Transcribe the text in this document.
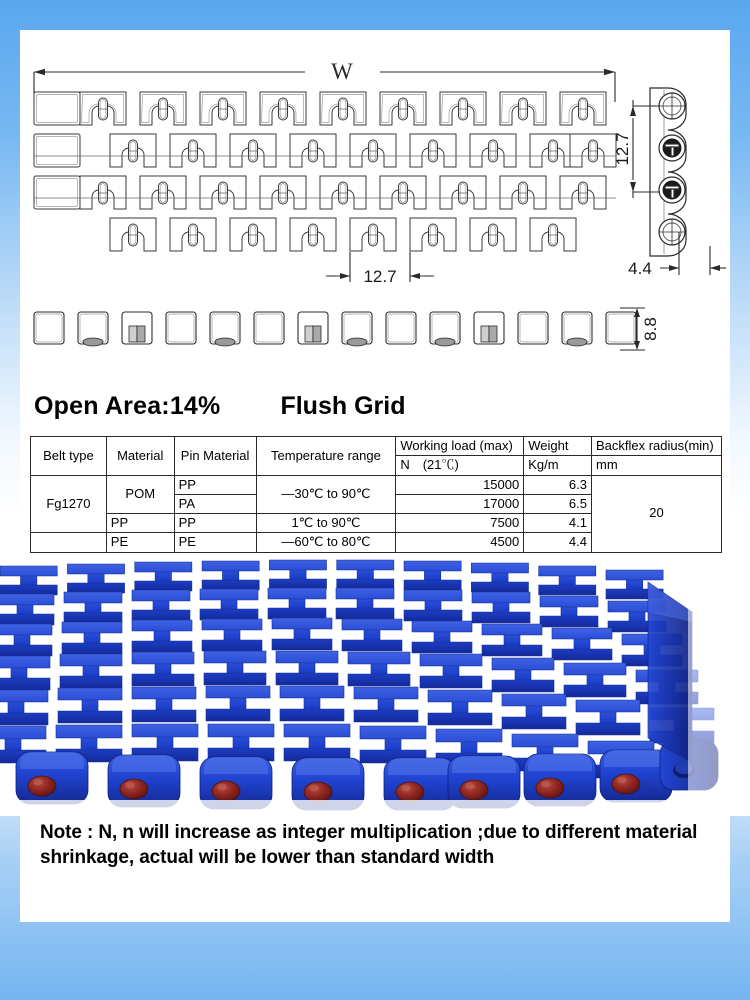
W
12.7
12.7
4.4
8.8
Open Area:14% Flush Grid
Belt type	Material	Pin Material	Temperature range	Working load (max)	Weight	Backflex radius(min)
				N　(21℃)	Kg/m	mm
Fg1270	POM	PP	—30℃ to 90℃	15000	6.3	20
		PA		17000	6.5	
	PP	PP	1℃ to 90℃	7500	4.1	
	PE	PE	—60℃ to 80℃	4500	4.4	
Note : N, n will increase as integer multiplication ;due to different material shrinkage, actual will be lower than standard width
